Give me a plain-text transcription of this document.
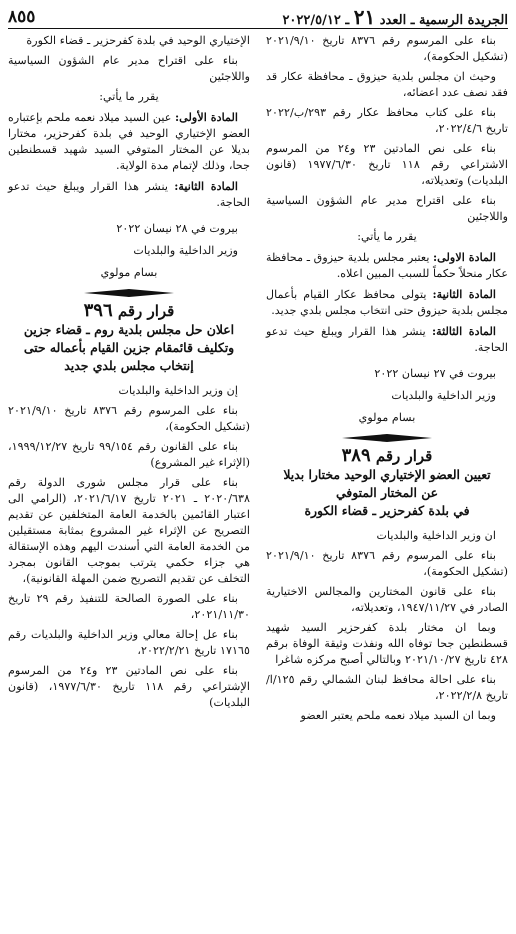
الجريدة الرسمية ـ العدد ٢١ ـ ٢٠٢٢/٥/١٢
٨٥٥

بناء على المرسوم رقم ٨٣٧٦ تاريخ ٢٠٢١/٩/١٠ (تشكيل الحكومة)،

وحيث ان مجلس بلدية حيزوق ـ محافظة عكار قد فقد نصف عدد اعضائه،

بناء على كتاب محافظ عكار رقم ٢٩٣/ب/٢٠٢٢ تاريخ ٢٠٢٢/٤/٦،

بناء على نص المادتين ٢٣ و٢٤ من المرسوم الاشتراعي رقم ١١٨ تاريخ ١٩٧٧/٦/٣٠ (قانون البلديات) وتعديلاته،

بناء على اقتراح مدير عام الشؤون السياسية واللاجئين

يقرر ما يأتي:

المادة الاولى: يعتبر مجلس بلدية حيزوق ـ محافظة عكار منحلاً حكماً للسبب المبين اعلاه.

المادة الثانية: يتولى محافظ عكار القيام بأعمال مجلس بلدية حيزوق حتى انتخاب مجلس بلدي جديد.

المادة الثالثة: ينشر هذا القرار ويبلغ حيث تدعو الحاجة.

بيروت في ٢٧ نيسان ٢٠٢٢

وزير الداخلية والبلديات

بسام مولوي

قرار رقم ٣٨٩
تعيين العضو الإختياري الوحيد مختارا بديلا
عن المختار المتوفي
في بلدة كفرحزير ـ قضاء الكورة

ان وزير الداخلية والبلديات

بناء على المرسوم رقم ٨٣٧٦ تاريخ ٢٠٢١/٩/١٠ (تشكيل الحكومة)،

بناء على قانون المختارين والمجالس الاختيارية الصادر في ١٩٤٧/١١/٢٧، وتعديلاته،

وبما ان مختار بلدة كفرحزير السيد شهيد قسطنطين جحا توفاه الله ونفذت وثيقة الوفاة برقم ٤٢٨ تاريخ ٢٠٢١/١٠/٢٧ وبالتالي أصبح مركزه شاغرا

بناء على احالة محافظ لبنان الشمالي رقم ١٢٥/ا/ تاريخ ٢٠٢٢/٢/٨،

وبما ان السيد ميلاد نعمه ملحم يعتبر العضو

الإختياري الوحيد في بلدة كفرحزير ـ قضاء الكورة

بناء على اقتراح مدير عام الشؤون السياسية واللاجئين

يقرر ما يأتي:

المادة الأولى: عين السيد ميلاد نعمه ملحم بإعتباره العضو الإختياري الوحيد في بلدة كفرحزير، مختارا بديلا عن المختار المتوفي السيد شهيد قسطنطين جحا، وذلك لإتمام مدة الولاية.

المادة الثانية: ينشر هذا القرار ويبلغ حيث تدعو الحاجة.

بيروت في ٢٨ نيسان ٢٠٢٢

وزير الداخلية والبلديات

بسام مولوي

قرار رقم ٣٩٦
اعلان حل مجلس بلدية روم ـ قضاء جزين وتكليف قائمقام جزين القيام بأعماله حتى إنتخاب مجلس بلدي جديد

إن وزير الداخلية والبلديات

بناء على المرسوم رقم ٨٣٧٦ تاريخ ٢٠٢١/٩/١٠ (تشكيل الحكومة)،

بناء على القانون رقم ٩٩/١٥٤ تاريخ ١٩٩٩/١٢/٢٧، (الإثراء غير المشروع)

بناء على قرار مجلس شورى الدولة رقم ٢٠٢٠/٦٣٨ ـ ٢٠٢١ تاريخ ٢٠٢١/٦/١٧، (الرامي الى اعتبار القائمين بالخدمة العامة المتخلفين عن تقديم التصريح عن الإثراء غير المشروع بمثابة مستقيلين من الخدمة العامة التي أسندت اليهم وهذه الإستقالة هي جزاء حكمي يترتب بموجب القانون بمجرد التخلف عن تقديم التصريح ضمن المهلة القانونية)،

بناء على الصورة الصالحة للتنفيذ رقم ٢٩ تاريخ ٢٠٢١/١١/٣٠،

بناء عل إحالة معالي وزير الداخلية والبلديات رقم ١٧١٦٥ تاريخ ٢٠٢٢/٢/٢١،

بناء على نص المادتين ٢٣ و٢٤ من المرسوم الإشتراعي رقم ١١٨ تاريخ ١٩٧٧/٦/٣٠، (قانون البلديات)
